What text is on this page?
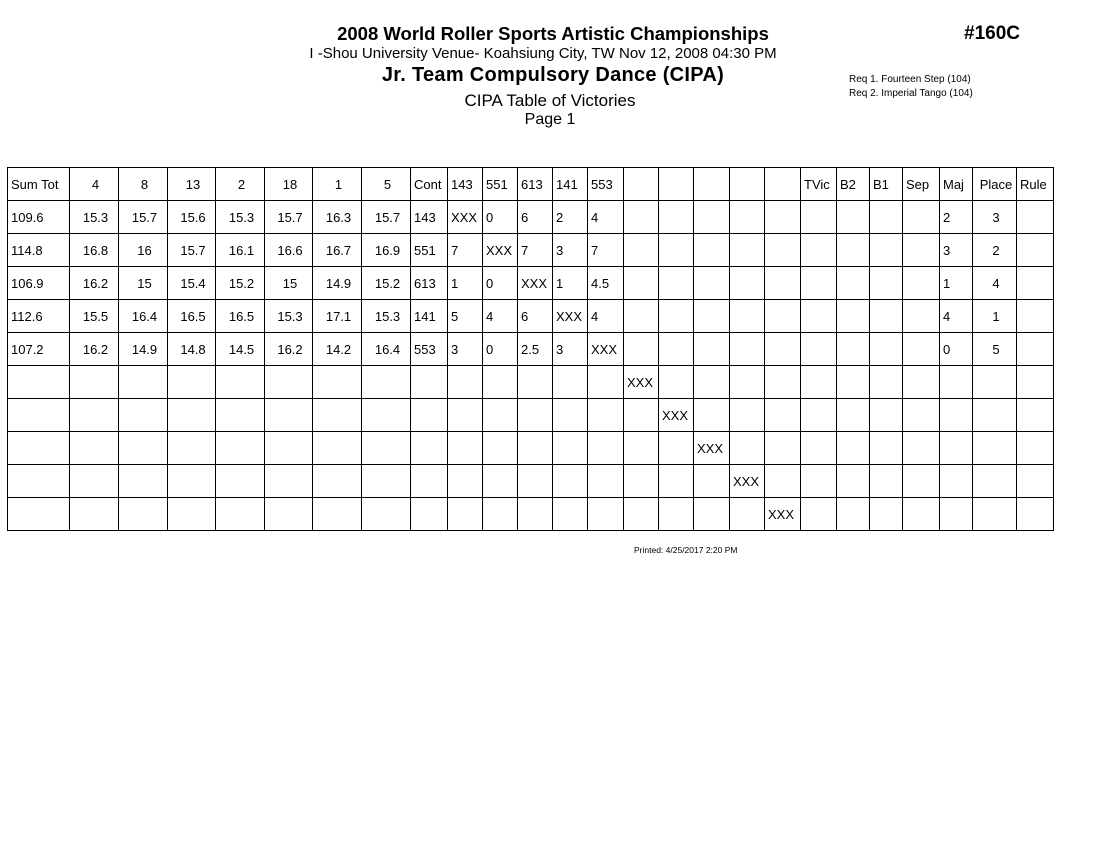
2008 World Roller Sports Artistic Championships
I -Shou University Venue- Koahsiung City, TW Nov 12, 2008 04:30 PM
Jr. Team Compulsory Dance (CIPA)
CIPA Table of Victories
Page 1
#160C
Req 1. Fourteen Step (104)
Req 2. Imperial Tango (104)
Sum Tot	4	8	13	2	18	1	5	Cont	143	551	613	141	553						TVic	B2	B1	Sep	Maj	Place	Rule
109.6	15.3	15.7	15.6	15.3	15.7	16.3	15.7	143	XXX	0	6	2	4										2	3	
114.8	16.8	16	15.7	16.1	16.6	16.7	16.9	551	7	XXX	7	3	7										3	2	
106.9	16.2	15	15.4	15.2	15	14.9	15.2	613	1	0	XXX	1	4.5										1	4	
112.6	15.5	16.4	16.5	16.5	15.3	17.1	15.3	141	5	4	6	XXX	4										4	1	
107.2	16.2	14.9	14.8	14.5	16.2	14.2	16.4	553	3	0	2.5	3	XXX										0	5	
														XXX											
															XXX										
																XXX									
																	XXX								
																		XXX							
Printed: 4/25/2017 2:20 PM
